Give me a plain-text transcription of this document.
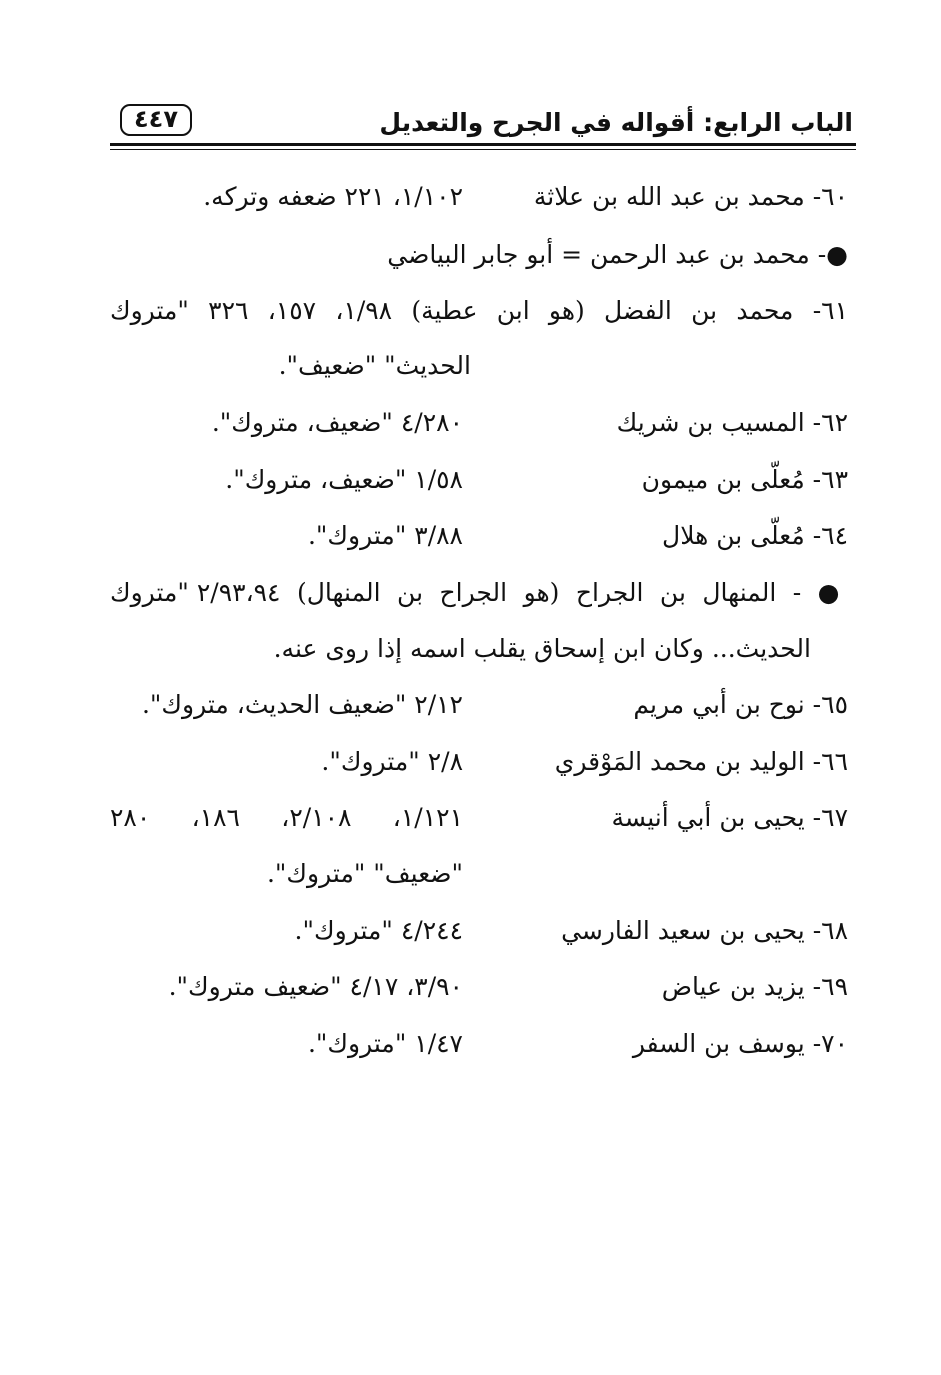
الباب الرابع: أقواله في الجرح والتعديل
٤٤٧
٦٠- محمد بن عبد الله بن علاثة
١/١٠٢، ٢٢١ ضعفه وتركه.
●- محمد بن عبد الرحمن = أبو جابر البياضي
٦١- محمد بن الفضل (هو ابن عطية) ١/٩٨، ١٥٧، ٣٢٦ "متروك
الحديث" "ضعيف".
٦٢- المسيب بن شريك
٤/٢٨٠ "ضعيف، متروك".
٦٣- مُعلّى بن ميمون
١/٥٨ "ضعيف، متروك".
٦٤- مُعلّى بن هلال
٣/٨٨ "متروك".
● - المنهال بن الجراح (هو الجراح بن المنهال) ٢/٩٣،٩٤ "متروك
الحديث... وكان ابن إسحاق يقلب اسمه إذا روى عنه.
٦٥- نوح بن أبي مريم
٢/١٢ "ضعيف الحديث، متروك".
٦٦- الوليد بن محمد المَوْقري
٢/٨ "متروك".
٦٧- يحيى بن أبي أنيسة
١/١٢١، ٢/١٠٨، ١٨٦، ٢٨٠
"ضعيف" "متروك".
٦٨- يحيى بن سعيد الفارسي
٤/٢٤٤ "متروك".
٦٩- يزيد بن عياض
٣/٩٠، ٤/١٧ "ضعيف متروك".
٧٠- يوسف بن السفر
١/٤٧ "متروك".
